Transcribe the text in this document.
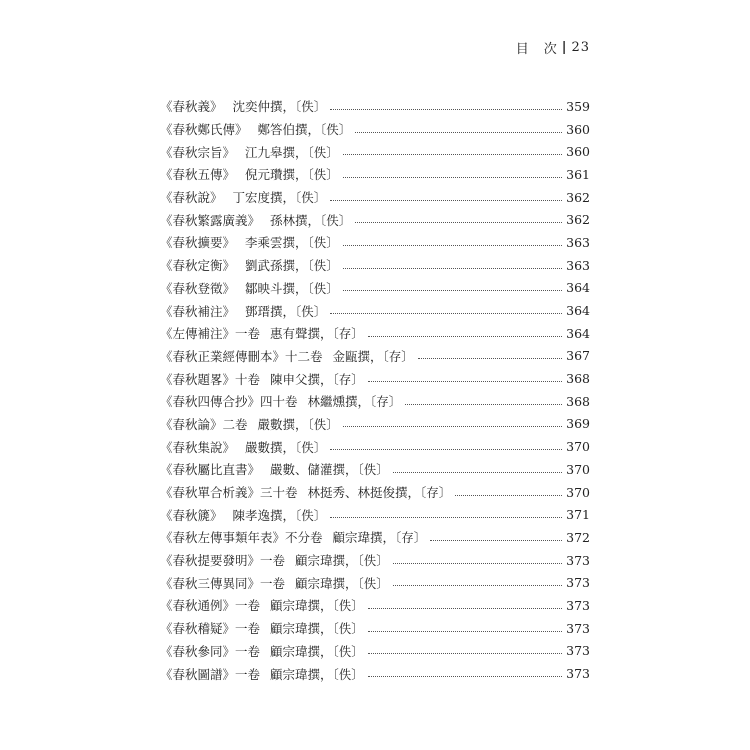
目　次 | 23
《春秋義》 沈奕仲撰，〔佚〕	359
《春秋鄭氏傳》 鄭答伯撰，〔佚〕	360
《春秋宗旨》 江九皋撰，〔佚〕	360
《春秋五傳》 倪元瓚撰，〔佚〕	361
《春秋說》 丁宏度撰，〔佚〕	362
《春秋繁露廣義》 孫林撰，〔佚〕	362
《春秋擴要》 李乘雲撰，〔佚〕	363
《春秋定衡》 劉武孫撰，〔佚〕	363
《春秋登徵》 鄒映斗撰，〔佚〕	364
《春秋補注》 鄧瑨撰，〔佚〕	364
《左傳補注》一卷 惠有聲撰，〔存〕	364
《春秋正業經傳刪本》十二卷 金甌撰，〔存〕	367
《春秋題畧》十卷 陳申父撰，〔存〕	368
《春秋四傳合抄》四十卷 林繼燻撰，〔存〕	368
《春秋論》二卷 嚴數撰，〔佚〕	369
《春秋集說》 嚴數撰，〔佚〕	370
《春秋屬比直書》 嚴數、儲灌撰，〔佚〕	370
《春秋單合析義》三十卷 林挺秀、林挺俊撰，〔存〕	370
《春秋篪》 陳孝逸撰，〔佚〕	371
《春秋左傳事類年表》不分卷 顧宗瑋撰，〔存〕	372
《春秋提要發明》一卷 顧宗瑋撰，〔佚〕	373
《春秋三傳異同》一卷 顧宗瑋撰，〔佚〕	373
《春秋通例》一卷 顧宗瑋撰，〔佚〕	373
《春秋稽疑》一卷 顧宗瑋撰，〔佚〕	373
《春秋參同》一卷 顧宗瑋撰，〔佚〕	373
《春秋圖譜》一卷 顧宗瑋撰，〔佚〕	373
